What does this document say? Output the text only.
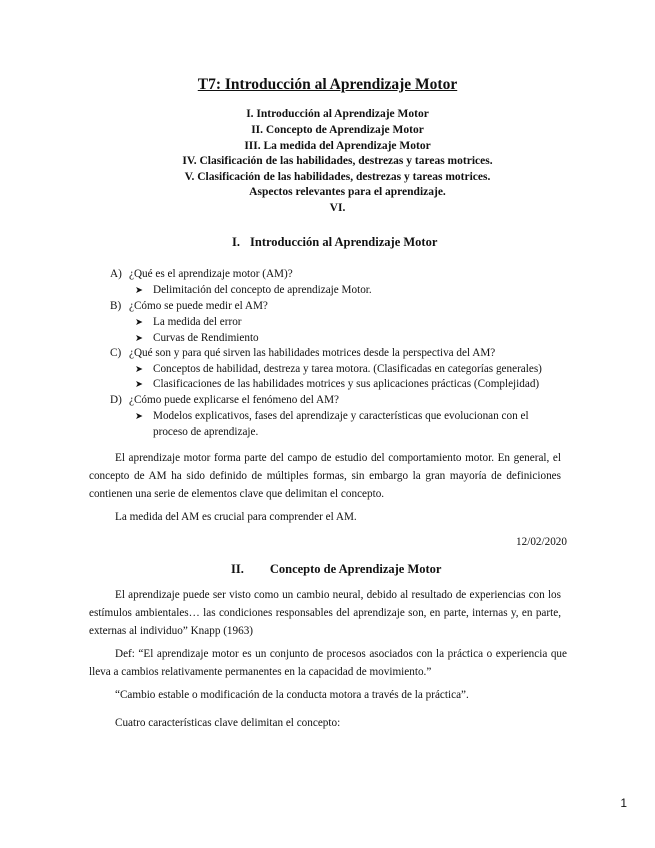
T7: Introducción al Aprendizaje Motor
I. Introducción al Aprendizaje Motor
II. Concepto de Aprendizaje Motor
III. La medida del Aprendizaje Motor
IV. Clasificación de las habilidades, destrezas y tareas motrices.
V. Clasificación de las habilidades, destrezas y tareas motrices.
Aspectos relevantes para el aprendizaje.
VI.
I. Introducción al Aprendizaje Motor
A) ¿Qué es el aprendizaje motor (AM)?
➤ Delimitación del concepto de aprendizaje Motor.
B) ¿Cómo se puede medir el AM?
➤ La medida del error
➤ Curvas de Rendimiento
C) ¿Qué son y para qué sirven las habilidades motrices desde la perspectiva del AM?
➤ Conceptos de habilidad, destreza y tarea motora. (Clasificadas en categorías generales)
➤ Clasificaciones de las habilidades motrices y sus aplicaciones prácticas (Complejidad)
D) ¿Cómo puede explicarse el fenómeno del AM?
➤ Modelos explicativos, fases del aprendizaje y características que evolucionan con el
proceso de aprendizaje.

El aprendizaje motor forma parte del campo de estudio del comportamiento motor. En general, el concepto de AM ha sido definido de múltiples formas, sin embargo la gran mayoría de definiciones contienen una serie de elementos clave que delimitan el concepto.

La medida del AM es crucial para comprender el AM.

12/02/2020
II. Concepto de Aprendizaje Motor

El aprendizaje puede ser visto como un cambio neural, debido al resultado de experiencias con los estímulos ambientales… las condiciones responsables del aprendizaje son, en parte, internas y, en parte, externas al individuo” Knapp (1963)

Def: “El aprendizaje motor es un conjunto de procesos asociados con la práctica o experiencia que lleva a cambios relativamente permanentes en la capacidad de movimiento.”

“Cambio estable o modificación de la conducta motora a través de la práctica”.

Cuatro características clave delimitan el concepto:

1
